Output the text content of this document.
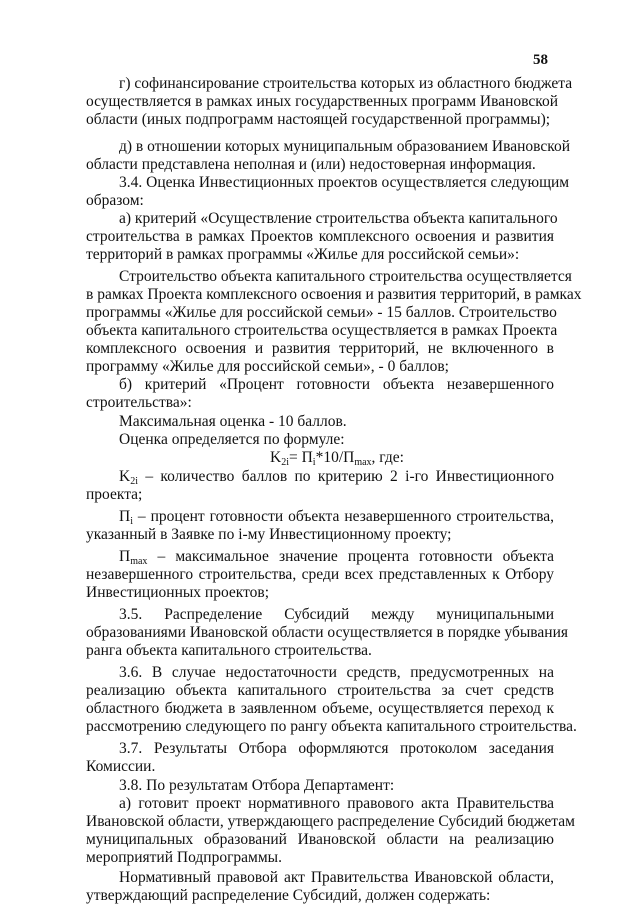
58
г) софинансирование строительства которых из областного бюджета
осуществляется в рамках иных государственных программ Ивановской
области (иных подпрограмм настоящей государственной программы);
д) в отношении которых муниципальным образованием Ивановской
области представлена неполная и (или) недостоверная информация.
3.4. Оценка Инвестиционных проектов осуществляется следующим
образом:
а) критерий «Осуществление строительства объекта капитального
строительства в рамках Проектов комплексного освоения и развития
территорий в рамках программы «Жилье для российской семьи»:
Строительство объекта капитального строительства осуществляется
в рамках Проекта комплексного освоения и развития территорий, в рамках
программы «Жилье для российской семьи» - 15 баллов. Строительство
объекта капитального строительства осуществляется в рамках Проекта
комплексного освоения и развития территорий, не включенного в
программу «Жилье для российской семьи», - 0 баллов;
б) критерий «Процент готовности объекта незавершенного
строительства»:
Максимальная оценка - 10 баллов.
Оценка определяется по формуле:
$K_{2i}= П_i*10/П_{max}$, где:
$K_{2i}$ – количество баллов по критерию 2 i-го Инвестиционного
проекта;
$П_i$ – процент готовности объекта незавершенного строительства,
указанный в Заявке по i-му Инвестиционному проекту;
$П_{max}$ – максимальное значение процента готовности объекта
незавершенного строительства, среди всех представленных к Отбору
Инвестиционных проектов;
3.5. Распределение Субсидий между муниципальными
образованиями Ивановской области осуществляется в порядке убывания
ранга объекта капитального строительства.
3.6. В случае недостаточности средств, предусмотренных на
реализацию объекта капитального строительства за счет средств
областного бюджета в заявленном объеме, осуществляется переход к
рассмотрению следующего по рангу объекта капитального строительства.
3.7. Результаты Отбора оформляются протоколом заседания
Комиссии.
3.8. По результатам Отбора Департамент:
а) готовит проект нормативного правового акта Правительства
Ивановской области, утверждающего распределение Субсидий бюджетам
муниципальных образований Ивановской области на реализацию
мероприятий Подпрограммы.
Нормативный правовой акт Правительства Ивановской области,
утверждающий распределение Субсидий, должен содержать:
